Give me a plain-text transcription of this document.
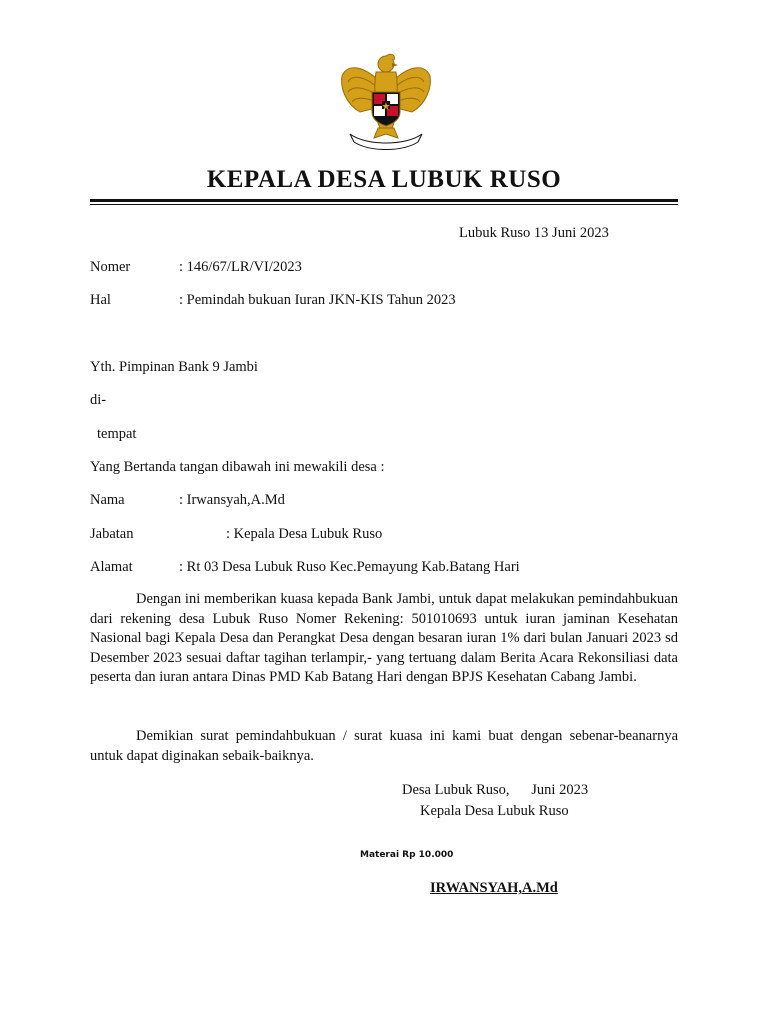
KEPALA DESA LUBUK RUSO
Lubuk Ruso 13 Juni 2023
Nomer	: 146/67/LR/VI/2023
Hal	: Pemindah bukuan Iuran JKN-KIS Tahun 2023
Yth. Pimpinan Bank 9 Jambi
di-
tempat
Yang Bertanda tangan dibawah ini mewakili desa :
Nama	: Irwansyah,A.Md
Jabatan	: Kepala Desa Lubuk Ruso
Alamat	: Rt 03 Desa Lubuk Ruso Kec.Pemayung Kab.Batang Hari
Dengan ini memberikan kuasa kepada Bank Jambi, untuk dapat melakukan pemindahbukuan dari rekening desa Lubuk Ruso Nomer Rekening: 501010693 untuk iuran jaminan Kesehatan Nasional bagi Kepala Desa dan Perangkat Desa dengan besaran iuran 1% dari bulan Januari 2023 sd Desember 2023 sesuai daftar tagihan terlampir,- yang tertuang dalam Berita Acara Rekonsiliasi data peserta dan iuran antara Dinas PMD Kab Batang Hari dengan BPJS Kesehatan Cabang Jambi.
Demikian surat pemindahbukuan / surat kuasa ini kami buat dengan sebenar-beanarnya untuk dapat diginakan sebaik-baiknya.
Desa Lubuk Ruso,      Juni 2023
Kepala Desa Lubuk Ruso
Materai Rp 10.000
IRWANSYAH,A.Md
